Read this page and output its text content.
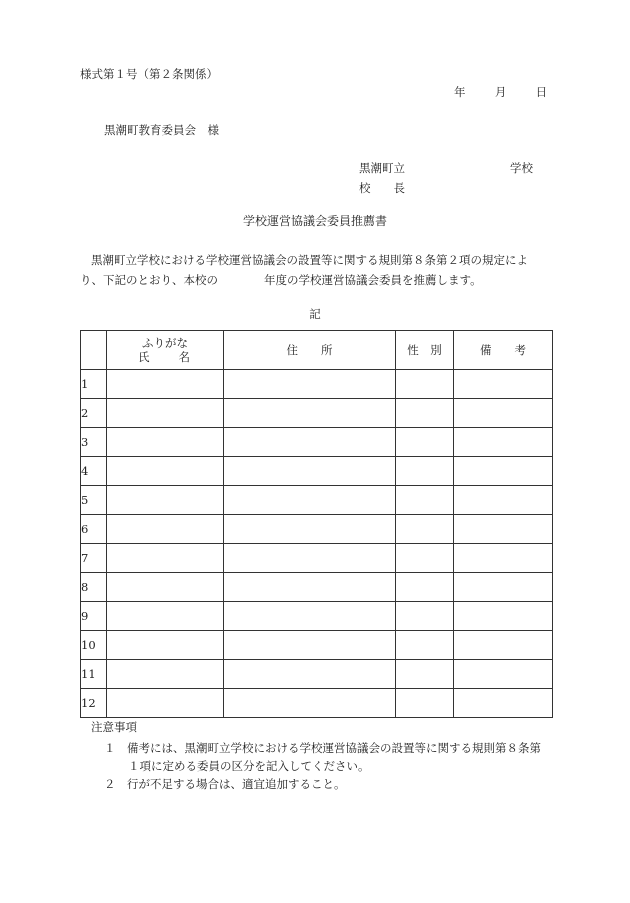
様式第１号（第２条関係）
年	月	日
黒潮町教育委員会　様
黒潮町立	学校
校　　長
学校運営協議会委員推薦書
黒潮町立学校における学校運営協議会の設置等に関する規則第８条第２項の規定によ
り、下記のとおり、本校の　　　　年度の学校運営協議会委員を推薦します。
記

	ふりがな
氏　　名	住　　所	性　別	備　　考
1				
2				
3				
4				
5				
6				
7				
8				
9				
10				
11				
12				
注意事項
１　備考には、黒潮町立学校における学校運営協議会の設置等に関する規則第８条第
１項に定める委員の区分を記入してください。
２　行が不足する場合は、適宜追加すること。
